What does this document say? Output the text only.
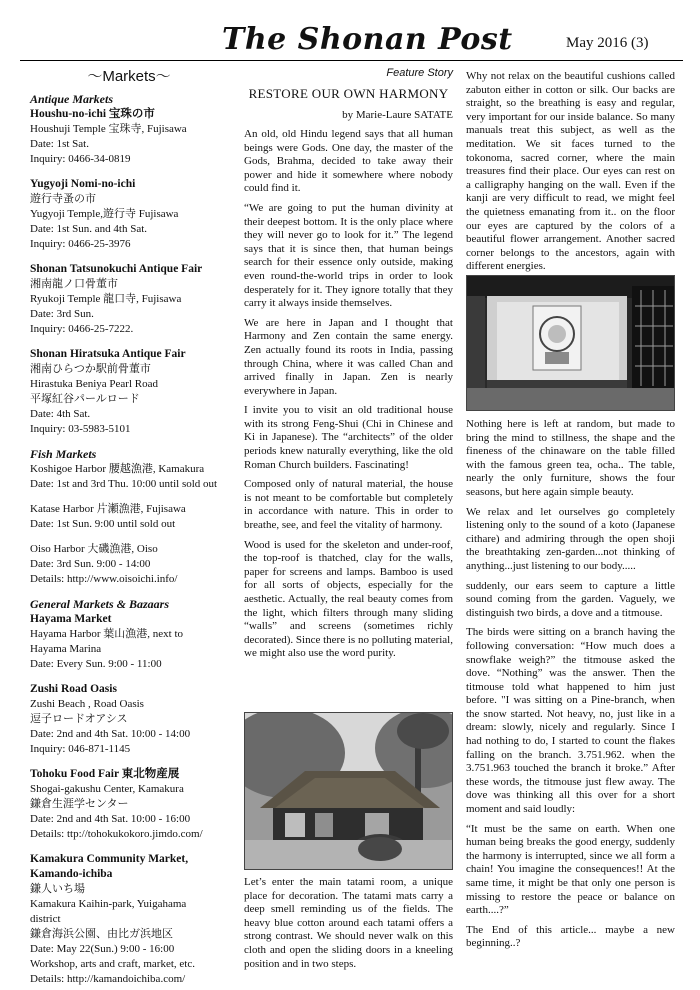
The Shonan Post	May 2016 (3)
～Markets～
Antique Markets
Houshu-no-ichi 宝珠の市
Houshuji Temple 宝珠寺, Fujisawa
Date: 1st Sat.
Inquiry: 0466-34-0819
Yugyoji Nomi-no-ichi
遊行寺蚤の市
Yugyoji Temple,遊行寺 Fujisawa
Date: 1st Sun. and 4th Sat.
Inquiry: 0466-25-3976
Shonan Tatsunokuchi Antique Fair
湘南龍ノ口骨董市
Ryukoji Temple 龍口寺, Fujisawa
Date: 3rd Sun.
Inquiry: 0466-25-7222.
Shonan Hiratsuka Antique Fair
湘南ひらつか駅前骨董市
Hirastuka Beniya Pearl Road
平塚紅谷パールロード
Date: 4th Sat.
Inquiry: 03-5983-5101
Fish Markets
Koshigoe Harbor 腰越漁港, Kamakura
Date: 1st and 3rd Thu. 10:00 until sold out
Katase Harbor 片瀬漁港, Fujisawa
Date: 1st Sun. 9:00 until sold out
Oiso Harbor 大磯漁港, Oiso
Date: 3rd Sun. 9:00 - 14:00
Details: http://www.oisoichi.info/
General Markets & Bazaars
Hayama Market
Hayama Harbor 葉山漁港, next to
Hayama Marina
Date: Every Sun. 9:00 - 11:00
Zushi Road Oasis
Zushi Beach , Road Oasis
逗子ロードオアシス
Date: 2nd and 4th Sat. 10:00 - 14:00
Inquiry: 046-871-1145
Tohoku Food Fair 東北物産展
Shogai-gakushu Center, Kamakura
鎌倉生涯学センター
Date: 2nd and 4th Sat. 10:00 - 16:00
Details: ttp://tohokukokoro.jimdo.com/
Kamakura Community Market, Kamando-ichiba
鎌人いち場
Kamakura Kaihin-park, Yuigahama
district
鎌倉海浜公園、由比ガ浜地区
Date: May 22(Sun.) 9:00 - 16:00
Workshop, arts and craft, market, etc.
Details: http://kamandoichiba.com/
Feature Story
RESTORE OUR OWN HARMONY
by Marie-Laure SATATE

An old, old Hindu legend says that all human beings were Gods. One day, the master of the Gods, Brahma, decided to take away their power and hide it somewhere where nobody could find it.

“We are going to put the human divinity at their deepest bottom. It is the only place where they will never go to look for it.” The legend says that it is since then, that human beings search for their essence only outside, making even round-the-world trips in order to look desperately for it. They ignore totally that they carry it always inside themselves.

We are here in Japan and I thought that Harmony and Zen contain the same energy. Zen actually found its roots in India, passing through China, where it was called Chan and arrived finally in Japan. Zen is nearly everywhere in Japan.

I invite you to visit an old traditional house with its strong Feng-Shui (Chi in Chinese and Ki in Japanese). The “architects” of the older periods knew naturally everything, like the old Roman Church builders. Fascinating!

Composed only of natural material, the house is not meant to be comfortable but completely in accordance with nature. This in order to breathe, see, and feel the vitality of harmony.

Wood is used for the skeleton and under-roof, the top-roof is thatched, clay for the walls, paper for screens and lamps. Bamboo is used for all sorts of objects, especially for the aesthetic. Actually, the real beauty comes from the light, which filters through many sliding “walls” and screens (sometimes richly decorated). Since there is no polluting material, we might also use the word purity.

Let’s enter the main tatami room, a unique place for decoration. The tatami mats carry a deep smell reminding us of the fields. The heavy blue cotton around each tatami offers a strong contrast. We should never walk on this cloth and open the sliding doors in a kneeling position and in two steps.

Why not relax on the beautiful cushions called zabuton either in cotton or silk. Our backs are straight, so the breathing is easy and regular, very important for our inside balance. So many manuals treat this subject, as well as the meditation. We sit faces turned to the tokonoma, sacred corner, where the main treasures find their place. Our eyes can rest on a calligraphy hanging on the wall. Even if the kanji are very difficult to read, we might feel the quietness emanating from it.. on the floor our eyes are captured by the colors of a beautiful flower arrangement. Another sacred corner belongs to the ancestors, again with different energies.

Nothing here is left at random, but made to bring the mind to stillness, the shape and the fineness of the chinaware on the table filled with the famous green tea, ocha.. The table, nearly the only furniture, shows the four seasons, but here again simple beauty.

We relax and let ourselves go completely listening only to the sound of a koto (Japanese cithare) and admiring through the open shoji the breathtaking zen-garden...not thinking of anything...just listening to our body.....

suddenly, our ears seem to capture a little sound coming from the garden. Vaguely, we distinguish two birds, a dove and a titmouse.

The birds were sitting on a branch having the following conversation: “How much does a snowflake weigh?” the titmouse asked the dove. “Nothing” was the answer. Then the titmouse told what happened to him just before. "I was sitting on a Pine-branch, when the snow started. Not heavy, no, just like in a dream: slowly, nicely and regularly. Since I had nothing to do, I started to count the flakes falling on the branch. 3.751.962. when the 3.751.963 touched the branch it broke.” After these words, the titmouse just flew away. The dove was thinking all this over for a short moment and said loudly:

“It must be the same on earth. When one human being breaks the good energy, suddenly the harmony is interrupted, since we all form a chain! You imagine the consequences!! At the same time, it might be that only one person is missing to restore the peace or balance on earth....?”

The End of this article... maybe a new beginning..?
